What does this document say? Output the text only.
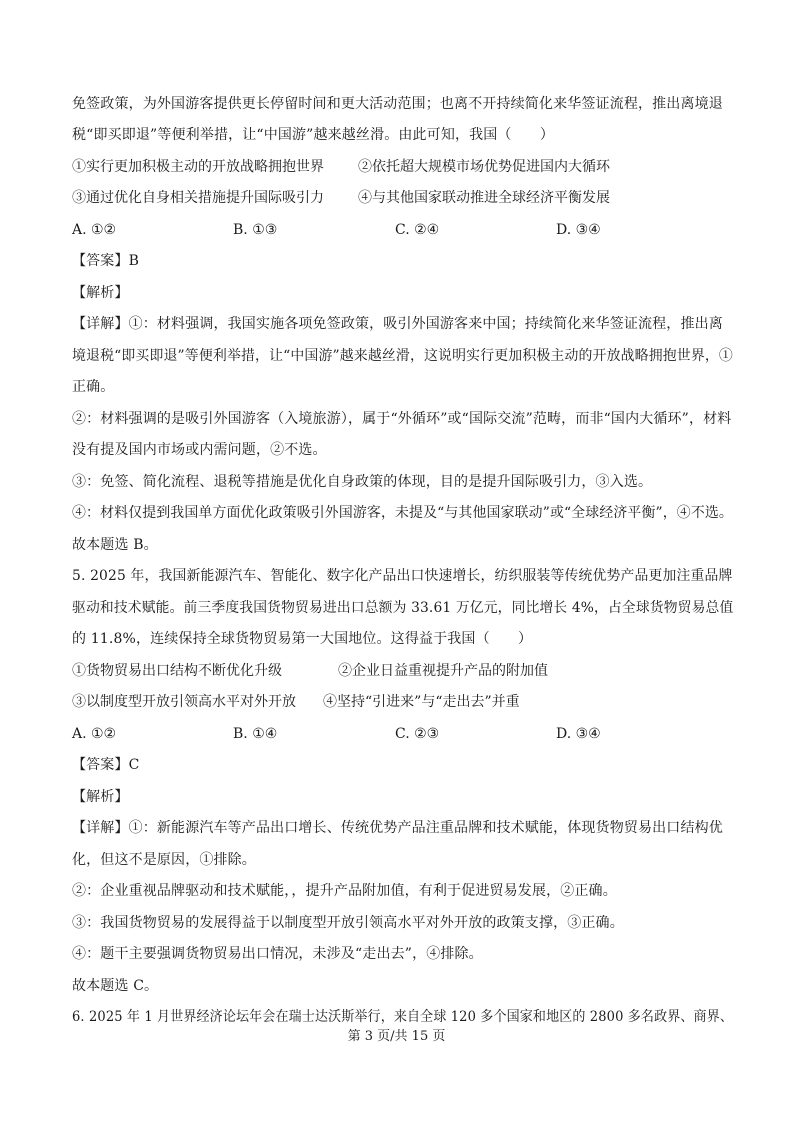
免签政策，为外国游客提供更长停留时间和更大活动范围；也离不开持续简化来华签证流程，推出离境退
税“即买即退”等便利举措，让“中国游”越来越丝滑。由此可知，我国（　　）
①实行更加积极主动的开放战略拥抱世界 ②依托超大规模市场优势促进国内大循环
③通过优化自身相关措施提升国际吸引力 ④与其他国家联动推进全球经济平衡发展
A. ①②	B. ①③	C. ②④	D. ③④
【答案】B
【解析】
【详解】①：材料强调，我国实施各项免签政策，吸引外国游客来中国；持续简化来华签证流程，推出离
境退税“即买即退”等便利举措，让“中国游”越来越丝滑，这说明实行更加积极主动的开放战略拥抱世界，①
正确。
②：材料强调的是吸引外国游客（入境旅游），属于“外循环”或“国际交流”范畴，而非“国内大循环”，材料
没有提及国内市场或内需问题，②不选。
③：免签、简化流程、退税等措施是优化自身政策的体现，目的是提升国际吸引力，③入选。
④：材料仅提到我国单方面优化政策吸引外国游客，未提及“与其他国家联动”或“全球经济平衡”，④不选。
故本题选 B。
5. 2025 年，我国新能源汽车、智能化、数字化产品出口快速增长，纺织服装等传统优势产品更加注重品牌
驱动和技术赋能。前三季度我国货物贸易进出口总额为 33.61 万亿元，同比增长 4%，占全球货物贸易总值
的 11.8%，连续保持全球货物贸易第一大国地位。这得益于我国（　　）
①货物贸易出口结构不断优化升级	②企业日益重视提升产品的附加值
③以制度型开放引领高水平对外开放 ④坚持“引进来”与“走出去”并重
A. ①②	B. ①④	C. ②③	D. ③④
【答案】C
【解析】
【详解】①：新能源汽车等产品出口增长、传统优势产品注重品牌和技术赋能，体现货物贸易出口结构优
化，但这不是原因，①排除。
②：企业重视品牌驱动和技术赋能，，提升产品附加值，有利于促进贸易发展，②正确。
③：我国货物贸易的发展得益于以制度型开放引领高水平对外开放的政策支撑，③正确。
④：题干主要强调货物贸易出口情况，未涉及“走出去”，④排除。
故本题选 C。
6. 2025 年 1 月世界经济论坛年会在瑞士达沃斯举行，来自全球 120 多个国家和地区的 2800 多名政界、商界、
第 3 页/共 15 页
